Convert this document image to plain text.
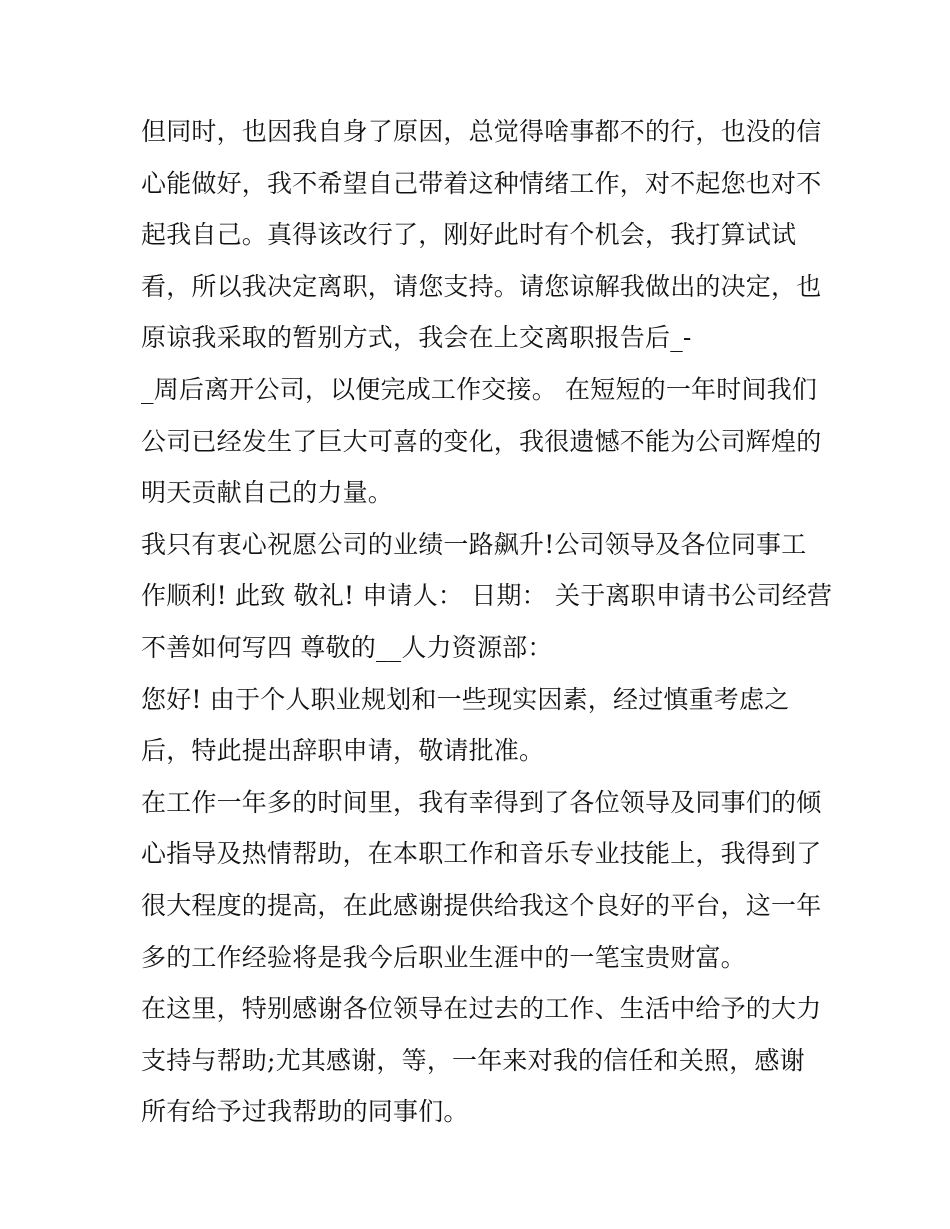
但同时，也因我自身了原因，总觉得啥事都不的行，也没的信
心能做好，我不希望自己带着这种情绪工作，对不起您也对不
起我自己。真得该改行了，刚好此时有个机会，我打算试试
看，所以我决定离职，请您支持。请您谅解我做出的决定，也
原谅我采取的暂别方式，我会在上交离职报告后_-
_周后离开公司，以便完成工作交接。 在短短的一年时间我们
公司已经发生了巨大可喜的变化，我很遗憾不能为公司辉煌的
明天贡献自己的力量。
我只有衷心祝愿公司的业绩一路飙升!公司领导及各位同事工
作顺利! 此致 敬礼! 申请人： 日期： 关于离职申请书公司经营
不善如何写四 尊敬的__人力资源部：
您好! 由于个人职业规划和一些现实因素，经过慎重考虑之
后，特此提出辞职申请，敬请批准。
在工作一年多的时间里，我有幸得到了各位领导及同事们的倾
心指导及热情帮助，在本职工作和音乐专业技能上，我得到了
很大程度的提高，在此感谢提供给我这个良好的平台，这一年
多的工作经验将是我今后职业生涯中的一笔宝贵财富。
在这里，特别感谢各位领导在过去的工作、生活中给予的大力
支持与帮助;尤其感谢，等，一年来对我的信任和关照，感谢
所有给予过我帮助的同事们。
